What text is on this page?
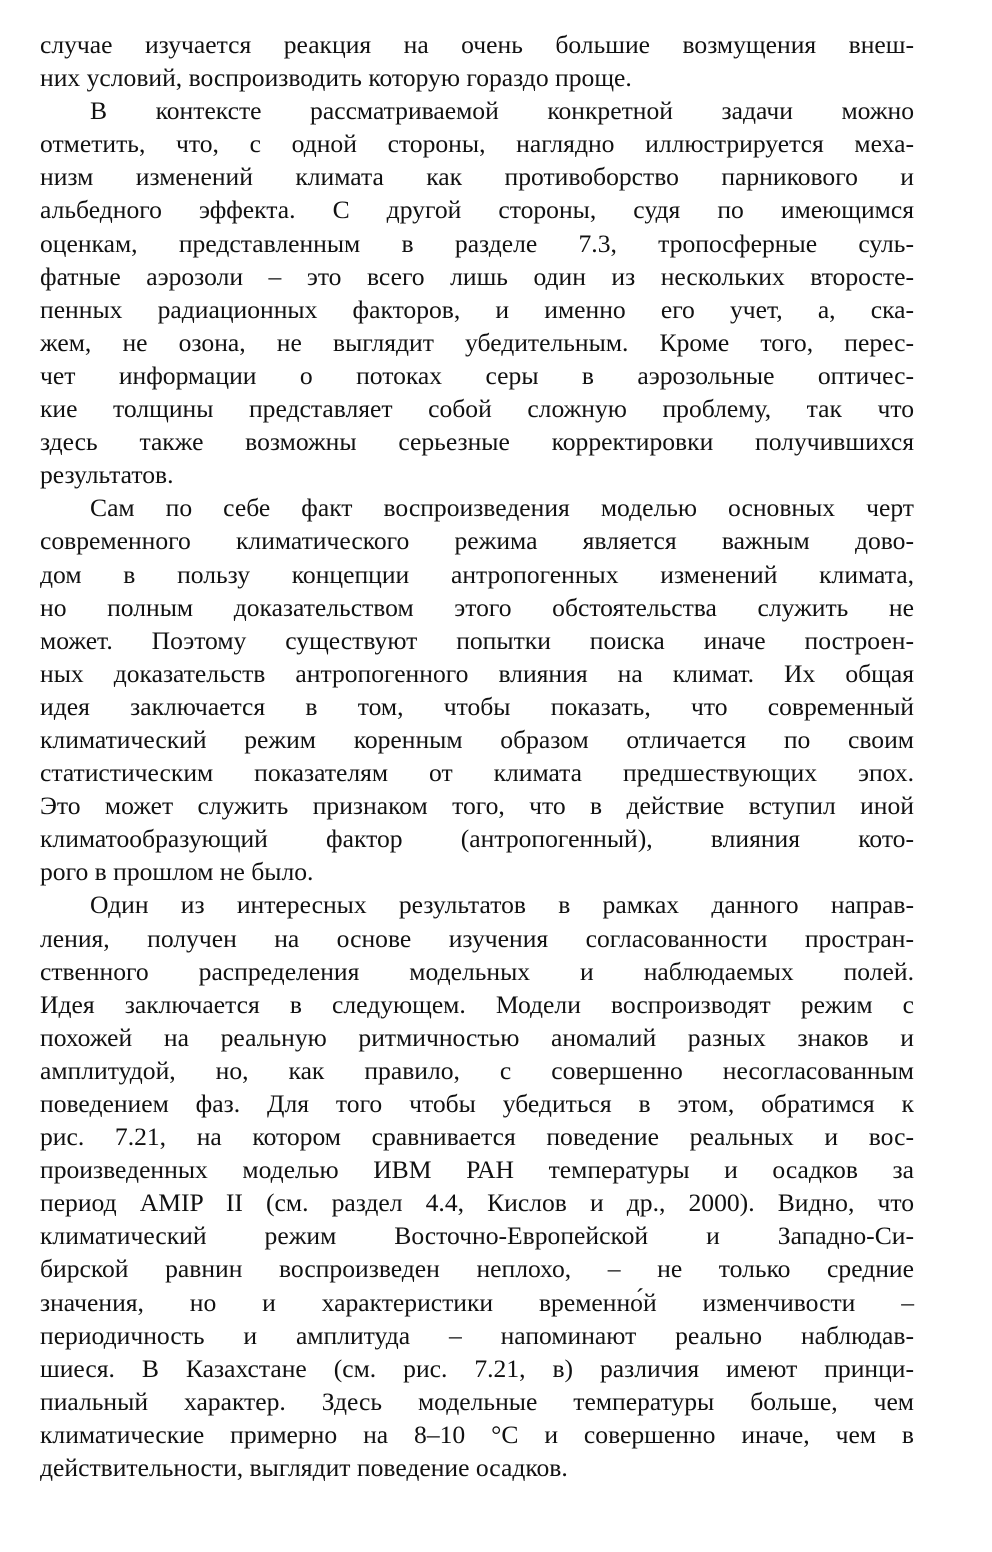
случае изучается реакция на очень большие возмущения внеш-
них условий, воспроизводить которую гораздо проще.
В контексте рассматриваемой конкретной задачи можно
отметить, что, с одной стороны, наглядно иллюстрируется меха-
низм изменений климата как противоборство парникового и
альбедного эффекта. С другой стороны, судя по имеющимся
оценкам, представленным в разделе 7.3, тропосферные суль-
фатные аэрозоли – это всего лишь один из нескольких второсте-
пенных радиационных факторов, и именно его учет, а, ска-
жем, не озона, не выглядит убедительным. Кроме того, перес-
чет информации о потоках серы в аэрозольные оптичес-
кие толщины представляет собой сложную проблему, так что
здесь также возможны серьезные корректировки получившихся
результатов.
Сам по себе факт воспроизведения моделью основных черт
современного климатического режима является важным дово-
дом в пользу концепции антропогенных изменений климата,
но полным доказательством этого обстоятельства служить не
может. Поэтому существуют попытки поиска иначе построен-
ных доказательств антропогенного влияния на климат. Их общая
идея заключается в том, чтобы показать, что современный
климатический режим коренным образом отличается по своим
статистическим показателям от климата предшествующих эпох.
Это может служить признаком того, что в действие вступил иной
климатообразующий фактор (антропогенный), влияния кото-
рого в прошлом не было.
Один из интересных результатов в рамках данного направ-
ления, получен на основе изучения согласованности простран-
ственного распределения модельных и наблюдаемых полей.
Идея заключается в следующем. Модели воспроизводят режим с
похожей на реальную ритмичностью аномалий разных знаков и
амплитудой, но, как правило, с совершенно несогласованным
поведением фаз. Для того чтобы убедиться в этом, обратимся к
рис. 7.21, на котором сравнивается поведение реальных и вос-
произведенных моделью ИВМ РАН температуры и осадков за
период AMIP II (см. раздел 4.4, Кислов и др., 2000). Видно, что
климатический режим Восточно-Европейской и Западно-Си-
бирской равнин воспроизведен неплохо, – не только средние
значения, но и характеристики временно́й изменчивости –
периодичность и амплитуда – напоминают реально наблюдав-
шиеся. В Казахстане (см. рис. 7.21, в) различия имеют принци-
пиальный характер. Здесь модельные температуры больше, чем
климатические примерно на 8–10 °С и совершенно иначе, чем в
действительности, выглядит поведение осадков.
